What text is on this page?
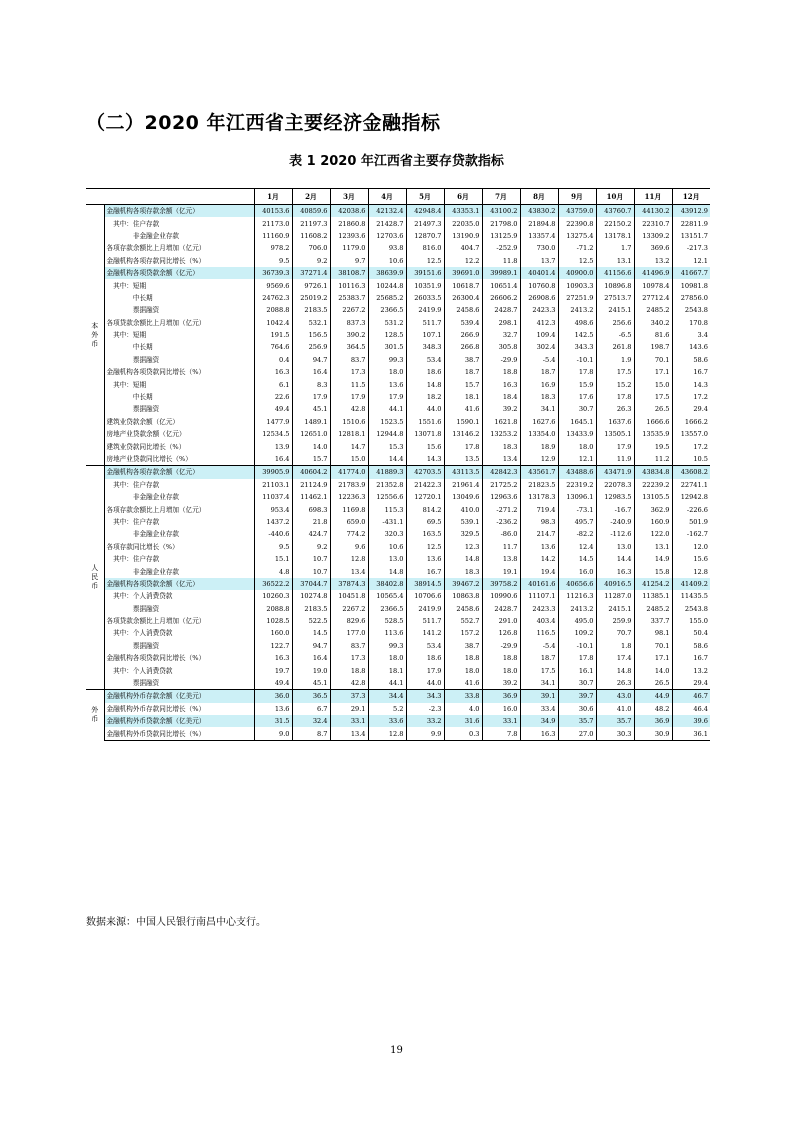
（二）2020 年江西省主要经济金融指标
表 1 2020 年江西省主要存贷款指标
		1月	2月	3月	4月	5月	6月	7月	8月	9月	10月	11月	12月
本
外
币	金融机构各项存款余额（亿元）	40153.6	40859.6	42038.6	42132.4	42948.4	43353.1	43100.2	43830.2	43759.0	43760.7	44130.2	43912.9
	　其中：住户存款	21173.0	21197.3	21860.8	21428.7	21497.3	22035.0	21798.0	21894.8	22390.8	22150.2	22310.7	22811.9
	　　　　非金融企业存款	11160.9	11608.2	12393.6	12703.6	12870.7	13190.9	13125.9	13357.4	13275.4	13178.1	13309.2	13151.7
	各项存款余额比上月增加（亿元）	978.2	706.0	1179.0	93.8	816.0	404.7	-252.9	730.0	-71.2	1.7	369.6	-217.3
	金融机构各项存款同比增长（%）	9.5	9.2	9.7	10.6	12.5	12.2	11.8	13.7	12.5	13.1	13.2	12.1
	金融机构各项贷款余额（亿元）	36739.3	37271.4	38108.7	38639.9	39151.6	39691.0	39989.1	40401.4	40900.0	41156.6	41496.9	41667.7
	　其中：短期	9569.6	9726.1	10116.3	10244.8	10351.9	10618.7	10651.4	10760.8	10903.3	10896.8	10978.4	10981.8
	　　　　中长期	24762.3	25019.2	25383.7	25685.2	26033.5	26300.4	26606.2	26908.6	27251.9	27513.7	27712.4	27856.0
	　　　　票据融资	2088.8	2183.5	2267.2	2366.5	2419.9	2458.6	2428.7	2423.3	2413.2	2415.1	2485.2	2543.8
	各项贷款余额比上月增加（亿元）	1042.4	532.1	837.3	531.2	511.7	539.4	298.1	412.3	498.6	256.6	340.2	170.8
	　其中：短期	191.5	156.5	390.2	128.5	107.1	266.9	32.7	109.4	142.5	-6.5	81.6	3.4
	　　　　中长期	764.6	256.9	364.5	301.5	348.3	266.8	305.8	302.4	343.3	261.8	198.7	143.6
	　　　　票据融资	0.4	94.7	83.7	99.3	53.4	38.7	-29.9	-5.4	-10.1	1.9	70.1	58.6
	金融机构各项贷款同比增长（%）	16.3	16.4	17.3	18.0	18.6	18.7	18.8	18.7	17.8	17.5	17.1	16.7
	　其中：短期	6.1	8.3	11.5	13.6	14.8	15.7	16.3	16.9	15.9	15.2	15.0	14.3
	　　　　中长期	22.6	17.9	17.9	17.9	18.2	18.1	18.4	18.3	17.6	17.8	17.5	17.2
	　　　　票据融资	49.4	45.1	42.8	44.1	44.0	41.6	39.2	34.1	30.7	26.3	26.5	29.4
	建筑业贷款余额（亿元）	1477.9	1489.1	1510.6	1523.5	1551.6	1590.1	1621.8	1627.6	1645.1	1637.6	1666.6	1666.2
	房地产业贷款余额（亿元）	12534.5	12651.0	12818.1	12944.8	13071.8	13146.2	13253.2	13354.0	13433.9	13505.1	13535.9	13557.0
	建筑业贷款同比增长（%）	13.9	14.0	14.7	15.3	15.6	17.8	18.3	18.9	18.0	17.9	19.5	17.2
	房地产业贷款同比增长（%）	16.4	15.7	15.0	14.4	14.3	13.5	13.4	12.9	12.1	11.9	11.2	10.5
人
民
币	金融机构各项存款余额（亿元）	39905.9	40604.2	41774.0	41889.3	42703.5	43113.5	42842.3	43561.7	43488.6	43471.9	43834.8	43608.2
	　其中：住户存款	21103.1	21124.9	21783.9	21352.8	21422.3	21961.4	21725.2	21823.5	22319.2	22078.3	22239.2	22741.1
	　　　　非金融企业存款	11037.4	11462.1	12236.3	12556.6	12720.1	13049.6	12963.6	13178.3	13096.1	12983.5	13105.5	12942.8
	各项存款余额比上月增加（亿元）	953.4	698.3	1169.8	115.3	814.2	410.0	-271.2	719.4	-73.1	-16.7	362.9	-226.6
	　其中：住户存款	1437.2	21.8	659.0	-431.1	69.5	539.1	-236.2	98.3	495.7	-240.9	160.9	501.9
	　　　　非金融企业存款	-440.6	424.7	774.2	320.3	163.5	329.5	-86.0	214.7	-82.2	-112.6	122.0	-162.7
	各项存款同比增长（%）	9.5	9.2	9.6	10.6	12.5	12.3	11.7	13.6	12.4	13.0	13.1	12.0
	　其中：住户存款	15.1	10.7	12.8	13.0	13.6	14.8	13.8	14.2	14.5	14.4	14.9	15.6
	　　　　非金融企业存款	4.8	10.7	13.4	14.8	16.7	18.3	19.1	19.4	16.0	16.3	15.8	12.8
	金融机构各项贷款余额（亿元）	36522.2	37044.7	37874.3	38402.8	38914.5	39467.2	39758.2	40161.6	40656.6	40916.5	41254.2	41409.2
	　其中：个人消费贷款	10260.3	10274.8	10451.8	10565.4	10706.6	10863.8	10990.6	11107.1	11216.3	11287.0	11385.1	11435.5
	　　　　票据融资	2088.8	2183.5	2267.2	2366.5	2419.9	2458.6	2428.7	2423.3	2413.2	2415.1	2485.2	2543.8
	各项贷款余额比上月增加（亿元）	1028.5	522.5	829.6	528.5	511.7	552.7	291.0	403.4	495.0	259.9	337.7	155.0
	　其中：个人消费贷款	160.0	14.5	177.0	113.6	141.2	157.2	126.8	116.5	109.2	70.7	98.1	50.4
	　　　　票据融资	122.7	94.7	83.7	99.3	53.4	38.7	-29.9	-5.4	-10.1	1.8	70.1	58.6
	金融机构各项贷款同比增长（%）	16.3	16.4	17.3	18.0	18.6	18.8	18.8	18.7	17.8	17.4	17.1	16.7
	　其中：个人消费贷款	19.7	19.0	18.8	18.1	17.9	18.0	18.0	17.5	16.1	14.8	14.0	13.2
	　　　　票据融资	49.4	45.1	42.8	44.1	44.0	41.6	39.2	34.1	30.7	26.3	26.5	29.4
外
币	金融机构外币存款余额（亿美元）	36.0	36.5	37.3	34.4	34.3	33.8	36.9	39.1	39.7	43.0	44.9	46.7
	金融机构外币存款同比增长（%）	13.6	6.7	29.1	5.2	-2.3	4.0	16.0	33.4	30.6	41.0	48.2	46.4
	金融机构外币贷款余额（亿美元）	31.5	32.4	33.1	33.6	33.2	31.6	33.1	34.9	35.7	35.7	36.9	39.6
	金融机构外币贷款同比增长（%）	9.0	8.7	13.4	12.8	9.9	0.3	7.8	16.3	27.0	30.3	30.9	36.1
数据来源：中国人民银行南昌中心支行。
19
